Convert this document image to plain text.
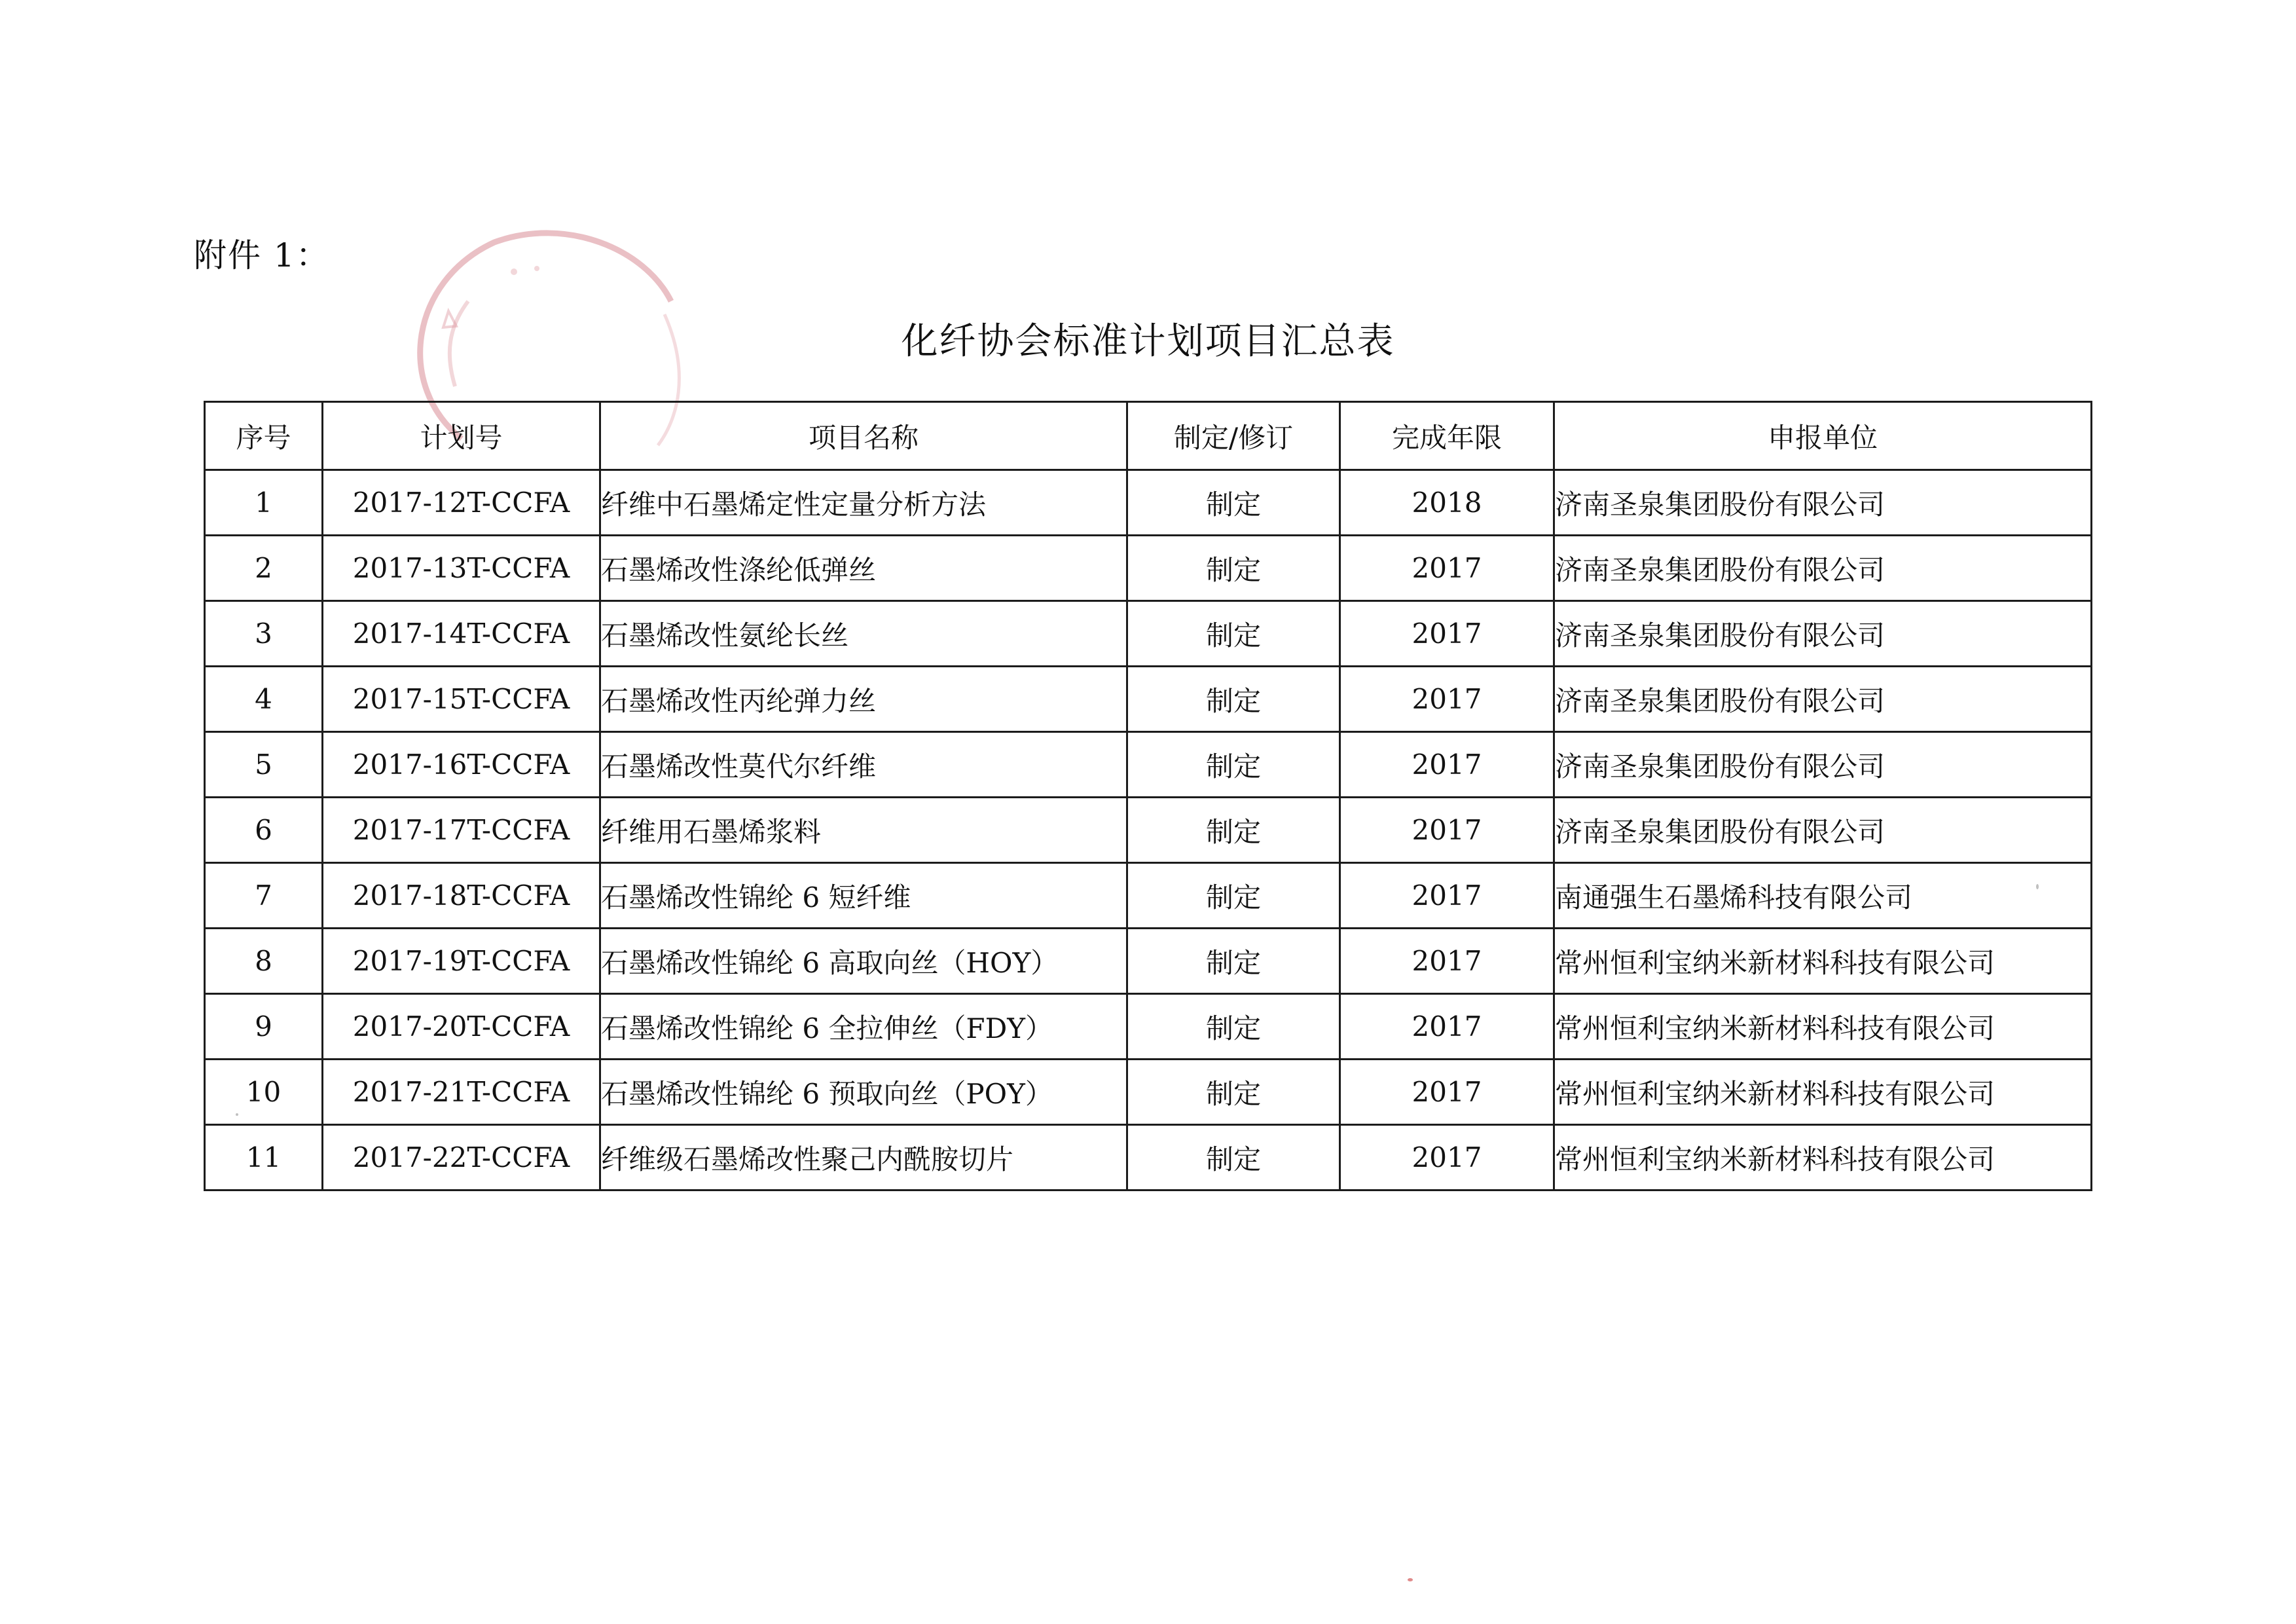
附件 1：
化纤协会标准计划项目汇总表
序号	计划号	项目名称	制定/修订	完成年限	申报单位
1	2017-12T-CCFA	纤维中石墨烯定性定量分析方法	制定	2018	济南圣泉集团股份有限公司
2	2017-13T-CCFA	石墨烯改性涤纶低弹丝	制定	2017	济南圣泉集团股份有限公司
3	2017-14T-CCFA	石墨烯改性氨纶长丝	制定	2017	济南圣泉集团股份有限公司
4	2017-15T-CCFA	石墨烯改性丙纶弹力丝	制定	2017	济南圣泉集团股份有限公司
5	2017-16T-CCFA	石墨烯改性莫代尔纤维	制定	2017	济南圣泉集团股份有限公司
6	2017-17T-CCFA	纤维用石墨烯浆料	制定	2017	济南圣泉集团股份有限公司
7	2017-18T-CCFA	石墨烯改性锦纶 6 短纤维	制定	2017	南通强生石墨烯科技有限公司
8	2017-19T-CCFA	石墨烯改性锦纶 6 高取向丝（HOY）	制定	2017	常州恒利宝纳米新材料科技有限公司
9	2017-20T-CCFA	石墨烯改性锦纶 6 全拉伸丝（FDY）	制定	2017	常州恒利宝纳米新材料科技有限公司
10	2017-21T-CCFA	石墨烯改性锦纶 6 预取向丝（POY）	制定	2017	常州恒利宝纳米新材料科技有限公司
11	2017-22T-CCFA	纤维级石墨烯改性聚己内酰胺切片	制定	2017	常州恒利宝纳米新材料科技有限公司
